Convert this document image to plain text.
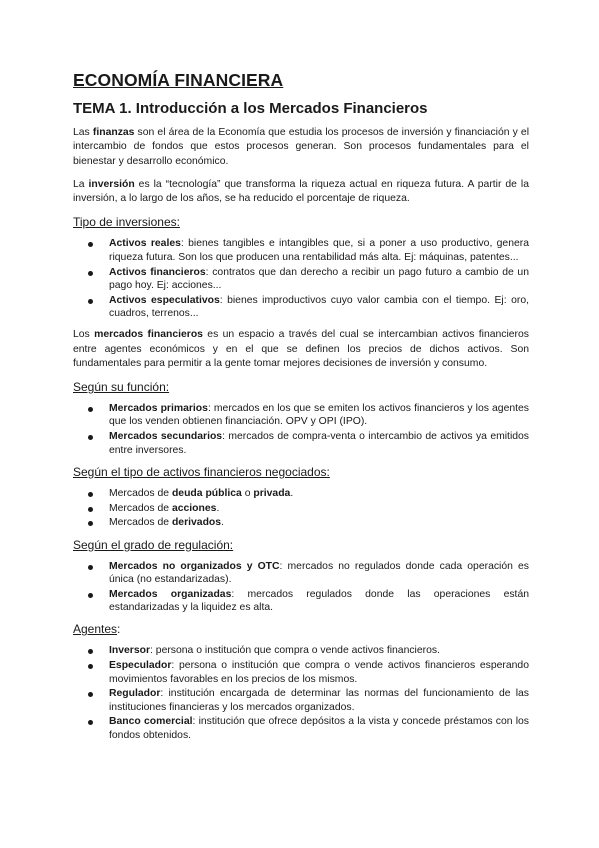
ECONOMÍA FINANCIERA
TEMA 1. Introducción a los Mercados Financieros

Las finanzas son el área de la Economía que estudia los procesos de inversión y financiación y el intercambio de fondos que estos procesos generan. Son procesos fundamentales para el bienestar y desarrollo económico.

La inversión es la “tecnología” que transforma la riqueza actual en riqueza futura. A partir de la inversión, a lo largo de los años, se ha reducido el porcentaje de riqueza.

Tipo de inversiones:
Activos reales: bienes tangibles e intangibles que, si a poner a uso productivo, genera riqueza futura. Son los que producen una rentabilidad más alta. Ej: máquinas, patentes...
Activos financieros: contratos que dan derecho a recibir un pago futuro a cambio de un pago hoy. Ej: acciones...
Activos especulativos: bienes improductivos cuyo valor cambia con el tiempo. Ej: oro, cuadros, terrenos...

Los mercados financieros es un espacio a través del cual se intercambian activos financieros entre agentes económicos y en el que se definen los precios de dichos activos. Son fundamentales para permitir a la gente tomar mejores decisiones de inversión y consumo.

Según su función:
Mercados primarios: mercados en los que se emiten los activos financieros y los agentes que los venden obtienen financiación. OPV y OPI (IPO).
Mercados secundarios: mercados de compra-venta o intercambio de activos ya emitidos entre inversores.
Según el tipo de activos financieros negociados:
Mercados de deuda pública o privada.
Mercados de acciones.
Mercados de derivados.
Según el grado de regulación:
Mercados no organizados y OTC: mercados no regulados donde cada operación es única (no estandarizadas).
Mercados organizadas: mercados regulados donde las operaciones están estandarizadas y la liquidez es alta.
Agentes:
Inversor: persona o institución que compra o vende activos financieros.
Especulador: persona o institución que compra o vende activos financieros esperando movimientos favorables en los precios de los mismos.
Regulador: institución encargada de determinar las normas del funcionamiento de las instituciones financieras y los mercados organizados.
Banco comercial: institución que ofrece depósitos a la vista y concede préstamos con los fondos obtenidos.
